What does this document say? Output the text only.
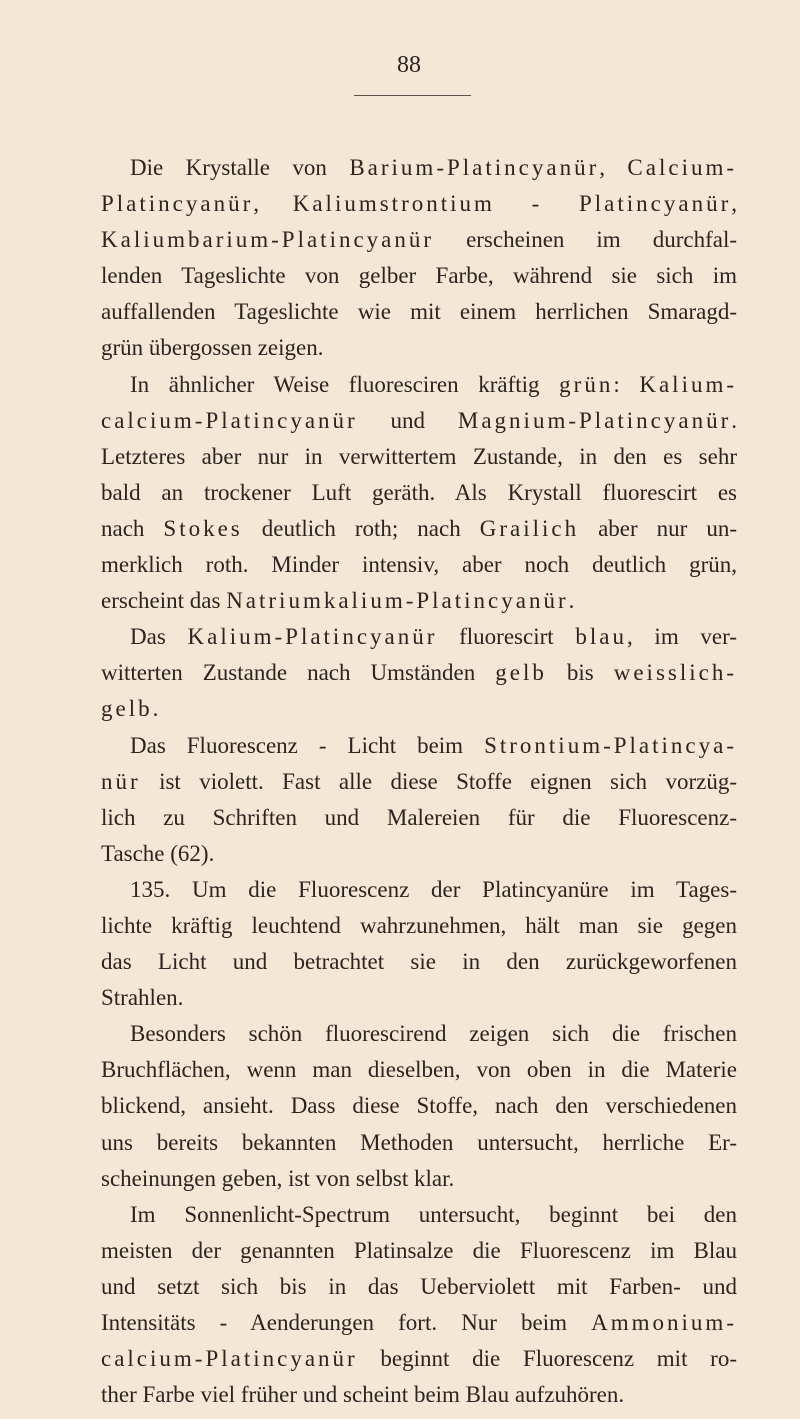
88
Die Krystalle von Barium-Platincyanür, Calcium-
Platincyanür, Kaliumstrontium - Platincyanür,
Kaliumbarium-Platincyanür erscheinen im durchfal-
lenden Tageslichte von gelber Farbe, während sie sich im
auffallenden Tageslichte wie mit einem herrlichen Smaragd-
grün übergossen zeigen.
In ähnlicher Weise fluoresciren kräftig grün: Kalium-
calcium-Platincyanür und Magnium-Platincyanür.
Letzteres aber nur in verwittertem Zustande, in den es sehr
bald an trockener Luft geräth. Als Krystall fluorescirt es
nach Stokes deutlich roth; nach Grailich aber nur un-
merklich roth. Minder intensiv, aber noch deutlich grün,
erscheint das Natriumkalium-Platincyanür.
Das Kalium-Platincyanür fluorescirt blau, im ver-
witterten Zustande nach Umständen gelb bis weisslich-
gelb.
Das Fluorescenz - Licht beim Strontium-Platincya-
nür ist violett. Fast alle diese Stoffe eignen sich vorzüg-
lich zu Schriften und Malereien für die Fluorescenz-
Tasche (62).
135. Um die Fluorescenz der Platincyanüre im Tages-
lichte kräftig leuchtend wahrzunehmen, hält man sie gegen
das Licht und betrachtet sie in den zurückgeworfenen
Strahlen.
Besonders schön fluorescirend zeigen sich die frischen
Bruchflächen, wenn man dieselben, von oben in die Materie
blickend, ansieht. Dass diese Stoffe, nach den verschiedenen
uns bereits bekannten Methoden untersucht, herrliche Er-
scheinungen geben, ist von selbst klar.
Im Sonnenlicht-Spectrum untersucht, beginnt bei den
meisten der genannten Platinsalze die Fluorescenz im Blau
und setzt sich bis in das Ueberviolett mit Farben- und
Intensitäts - Aenderungen fort. Nur beim Ammonium-
calcium-Platincyanür beginnt die Fluorescenz mit ro-
ther Farbe viel früher und scheint beim Blau aufzuhören.
